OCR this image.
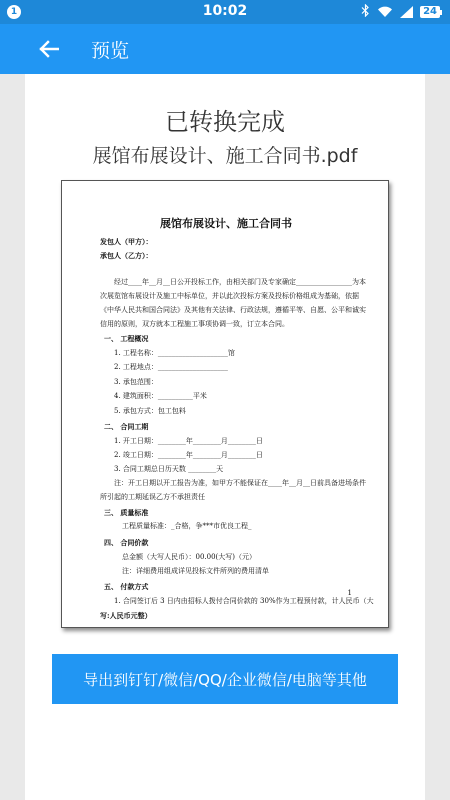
1	10:02	24
预览
已转换完成
展馆布展设计、施工合同书.pdf
展馆布展设计、施工合同书
发包人（甲方）：
承包人（乙方）：
经过____年__月__日公开投标工作，由相关部门及专家确定________________为本
次展览馆布展设计及施工中标单位，并以此次投标方案及投标价格组成为基础，依据
《中华人民共和国合同法》及其他有关法律、行政法规，遵循平等、自愿、公平和诚实
信用的原则，双方就本工程施工事项协调一致，订立本合同。
一、 工程概况
1. 工程名称：____________________馆
2. 工程地点：____________________
3. 承包范围：
4. 建筑面积：__________平米
5. 承包方式：包工包料
二、 合同工期
1. 开工日期：________年________月________日
2. 竣工日期：________年________月________日
3. 合同工期总日历天数 ________天
注：开工日期以开工报告为准，如甲方不能保证在____年__月__日前具备进场条件
所引起的工期延误乙方不承担责任
三、 质量标准
工程质量标准：_合格，争***市优良工程_
四、 合同价款
总金额（大写人民币）：00.00(大写)（元）
注：详细费用组成详见投标文件所列的费用清单
五、 付款方式
1. 合同签订后 3 日内由招标人拨付合同价款的 30%作为工程预付款，计人民币（大
写:人民币元整）
1
导出到钉钉/微信/QQ/企业微信/电脑等其他
